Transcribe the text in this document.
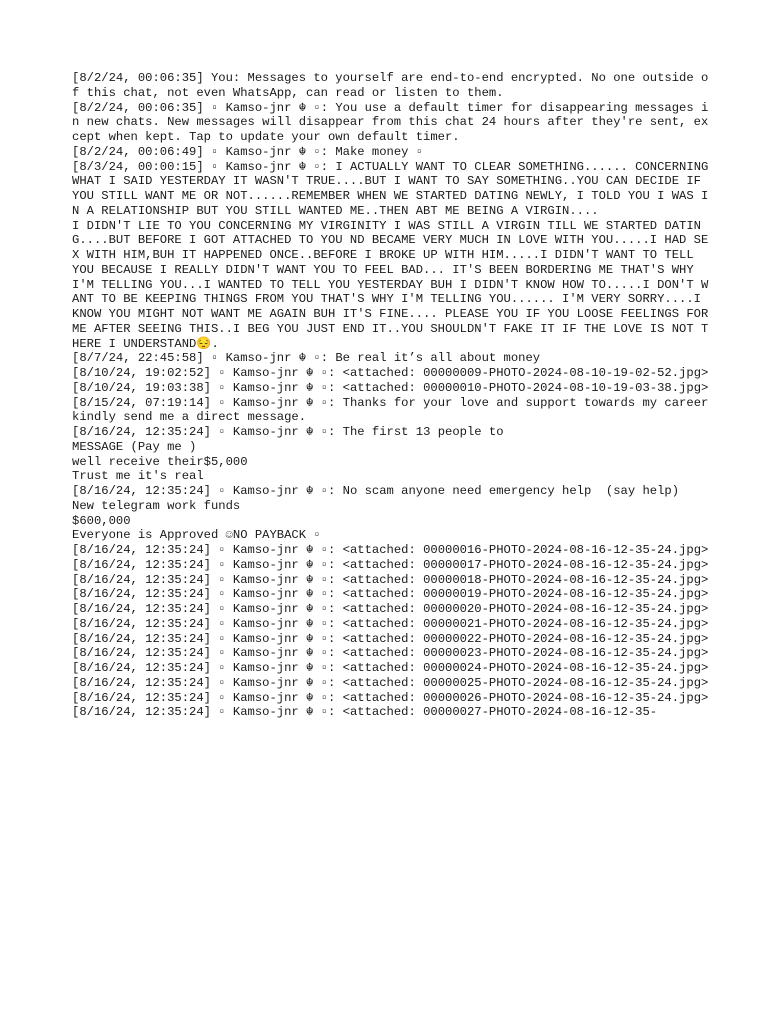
[8/2/24, 00:06:35] You: Messages to yourself are end-to-end encrypted. No one outside of this chat, not even WhatsApp, can read or listen to them.
[8/2/24, 00:06:35] ▫ Kamso-jnr ☬ ▫: You use a default timer for disappearing messages in new chats. New messages will disappear from this chat 24 hours after they're sent, except when kept. Tap to update your own default timer.
[8/2/24, 00:06:49] ▫ Kamso-jnr ☬ ▫: Make money ▫
[8/3/24, 00:00:15] ▫ Kamso-jnr ☬ ▫: I ACTUALLY WANT TO CLEAR SOMETHING...... CONCERNING WHAT I SAID YESTERDAY IT WASN'T TRUE....BUT I WANT TO SAY SOMETHING..YOU CAN DECIDE IF YOU STILL WANT ME OR NOT......REMEMBER WHEN WE STARTED DATING NEWLY, I TOLD YOU I WAS IN A RELATIONSHIP BUT YOU STILL WANTED ME..THEN ABT ME BEING A VIRGIN....
I DIDN'T LIE TO YOU CONCERNING MY VIRGINITY I WAS STILL A VIRGIN TILL WE STARTED DATING....BUT BEFORE I GOT ATTACHED TO YOU ND BECAME VERY MUCH IN LOVE WITH YOU.....I HAD SEX WITH HIM,BUH IT HAPPENED ONCE..BEFORE I BROKE UP WITH HIM.....I DIDN'T WANT TO TELL  YOU BECAUSE I REALLY DIDN'T WANT YOU TO FEEL BAD... IT'S BEEN BORDERING ME THAT'S WHY I'M TELLING YOU...I WANTED TO TELL YOU YESTERDAY BUH I DIDN'T KNOW HOW TO.....I DON'T WANT TO BE KEEPING THINGS FROM YOU THAT'S WHY I'M TELLING YOU...... I'M VERY SORRY....I KNOW YOU MIGHT NOT WANT ME AGAIN BUH IT'S FINE.... PLEASE YOU IF YOU LOOSE FEELINGS FOR ME AFTER SEEING THIS..I BEG YOU JUST END IT..YOU SHOULDN'T FAKE IT IF THE LOVE IS NOT THERE I UNDERSTAND😔.
[8/7/24, 22:45:58] ▫ Kamso-jnr ☬ ▫: Be real it’s all about money
[8/10/24, 19:02:52] ▫ Kamso-jnr ☬ ▫: <attached: 00000009-PHOTO-2024-08-10-19-02-52.jpg>
[8/10/24, 19:03:38] ▫ Kamso-jnr ☬ ▫: <attached: 00000010-PHOTO-2024-08-10-19-03-38.jpg>
[8/15/24, 07:19:14] ▫ Kamso-jnr ☬ ▫: Thanks for your love and support towards my career kindly send me a direct message.
[8/16/24, 12:35:24] ▫ Kamso-jnr ☬ ▫: The first 13 people to
MESSAGE (Pay me )
well receive their$5,000
Trust me it's real
[8/16/24, 12:35:24] ▫ Kamso-jnr ☬ ▫: No scam anyone need emergency help  (say help)
New telegram work funds
$600,000
Everyone is Approved ☺NO PAYBACK ▫
[8/16/24, 12:35:24] ▫ Kamso-jnr ☬ ▫: <attached: 00000016-PHOTO-2024-08-16-12-35-24.jpg>
[8/16/24, 12:35:24] ▫ Kamso-jnr ☬ ▫: <attached: 00000017-PHOTO-2024-08-16-12-35-24.jpg>
[8/16/24, 12:35:24] ▫ Kamso-jnr ☬ ▫: <attached: 00000018-PHOTO-2024-08-16-12-35-24.jpg>
[8/16/24, 12:35:24] ▫ Kamso-jnr ☬ ▫: <attached: 00000019-PHOTO-2024-08-16-12-35-24.jpg>
[8/16/24, 12:35:24] ▫ Kamso-jnr ☬ ▫: <attached: 00000020-PHOTO-2024-08-16-12-35-24.jpg>
[8/16/24, 12:35:24] ▫ Kamso-jnr ☬ ▫: <attached: 00000021-PHOTO-2024-08-16-12-35-24.jpg>
[8/16/24, 12:35:24] ▫ Kamso-jnr ☬ ▫: <attached: 00000022-PHOTO-2024-08-16-12-35-24.jpg>
[8/16/24, 12:35:24] ▫ Kamso-jnr ☬ ▫: <attached: 00000023-PHOTO-2024-08-16-12-35-24.jpg>
[8/16/24, 12:35:24] ▫ Kamso-jnr ☬ ▫: <attached: 00000024-PHOTO-2024-08-16-12-35-24.jpg>
[8/16/24, 12:35:24] ▫ Kamso-jnr ☬ ▫: <attached: 00000025-PHOTO-2024-08-16-12-35-24.jpg>
[8/16/24, 12:35:24] ▫ Kamso-jnr ☬ ▫: <attached: 00000026-PHOTO-2024-08-16-12-35-24.jpg>
[8/16/24, 12:35:24] ▫ Kamso-jnr ☬ ▫: <attached: 00000027-PHOTO-2024-08-16-12-35-
